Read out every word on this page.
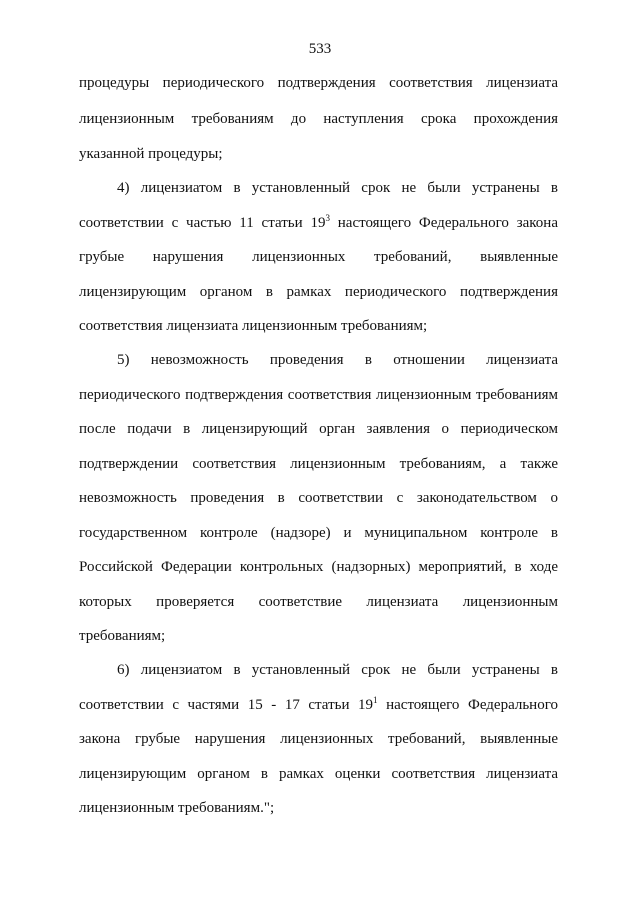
533
процедуры периодического подтверждения соответствия лицензиата
лицензионным требованиям до наступления срока прохождения
указанной процедуры;
4) лицензиатом в установленный срок не были устранены в
соответствии с частью 11 статьи $19^3$ настоящего Федерального закона
грубые нарушения лицензионных требований, выявленные
лицензирующим органом в рамках периодического подтверждения
соответствия лицензиата лицензионным требованиям;
5) невозможность проведения в отношении лицензиата
периодического подтверждения соответствия лицензионным требованиям
после подачи в лицензирующий орган заявления о периодическом
подтверждении соответствия лицензионным требованиям, а также
невозможность проведения в соответствии с законодательством о
государственном контроле (надзоре) и муниципальном контроле в
Российской Федерации контрольных (надзорных) мероприятий, в ходе
которых проверяется соответствие лицензиата лицензионным
требованиям;
6) лицензиатом в установленный срок не были устранены в
соответствии с частями 15 - 17 статьи $19^1$ настоящего Федерального
закона грубые нарушения лицензионных требований, выявленные
лицензирующим органом в рамках оценки соответствия лицензиата
лицензионным требованиям.";
